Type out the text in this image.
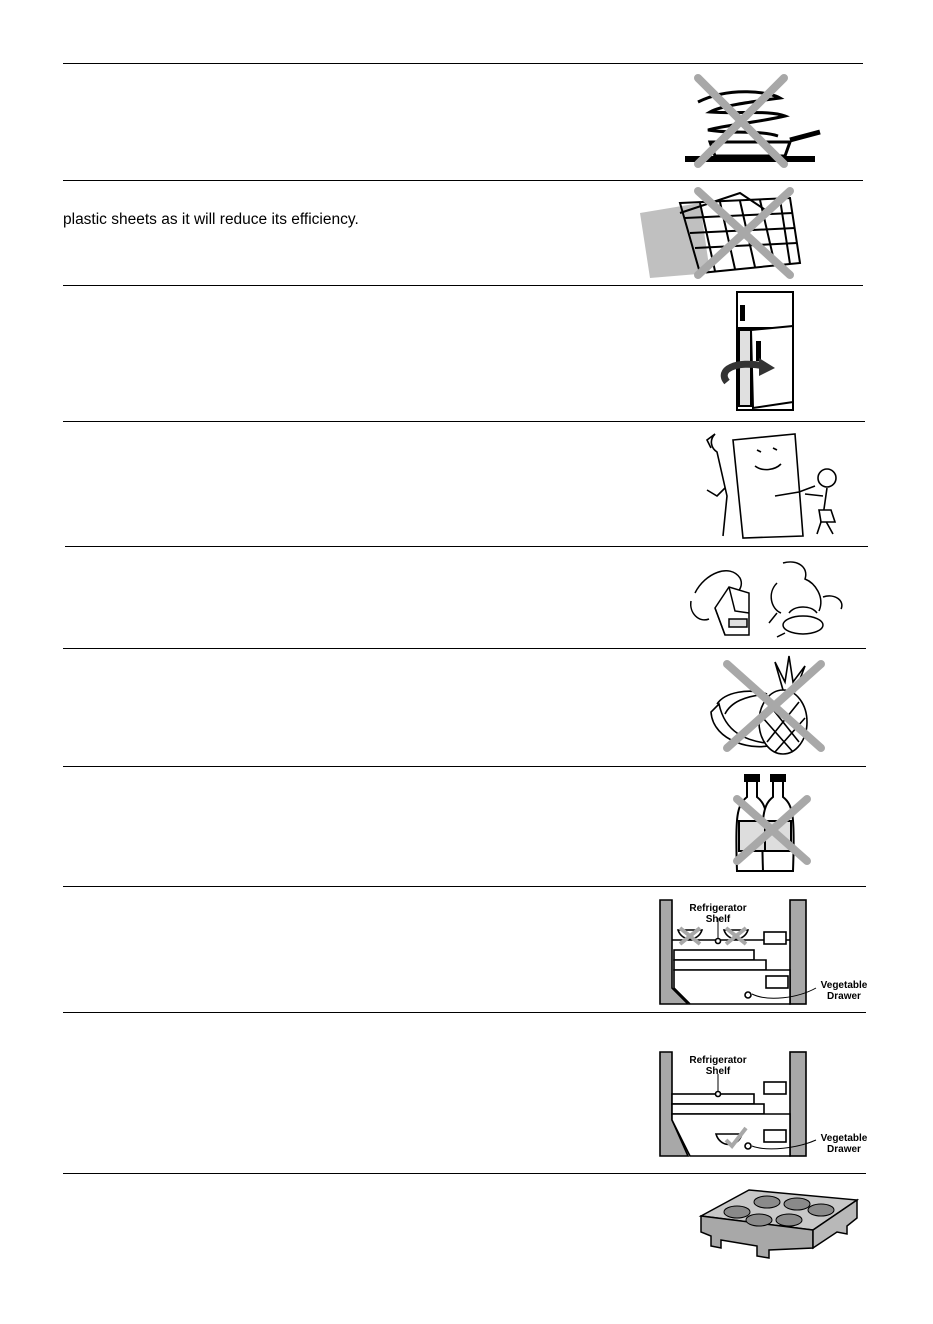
plastic sheets as it will reduce its efficiency.
Refrigerator
Shelf
Vegetable
Drawer
Refrigerator
Shelf
Vegetable
Drawer
